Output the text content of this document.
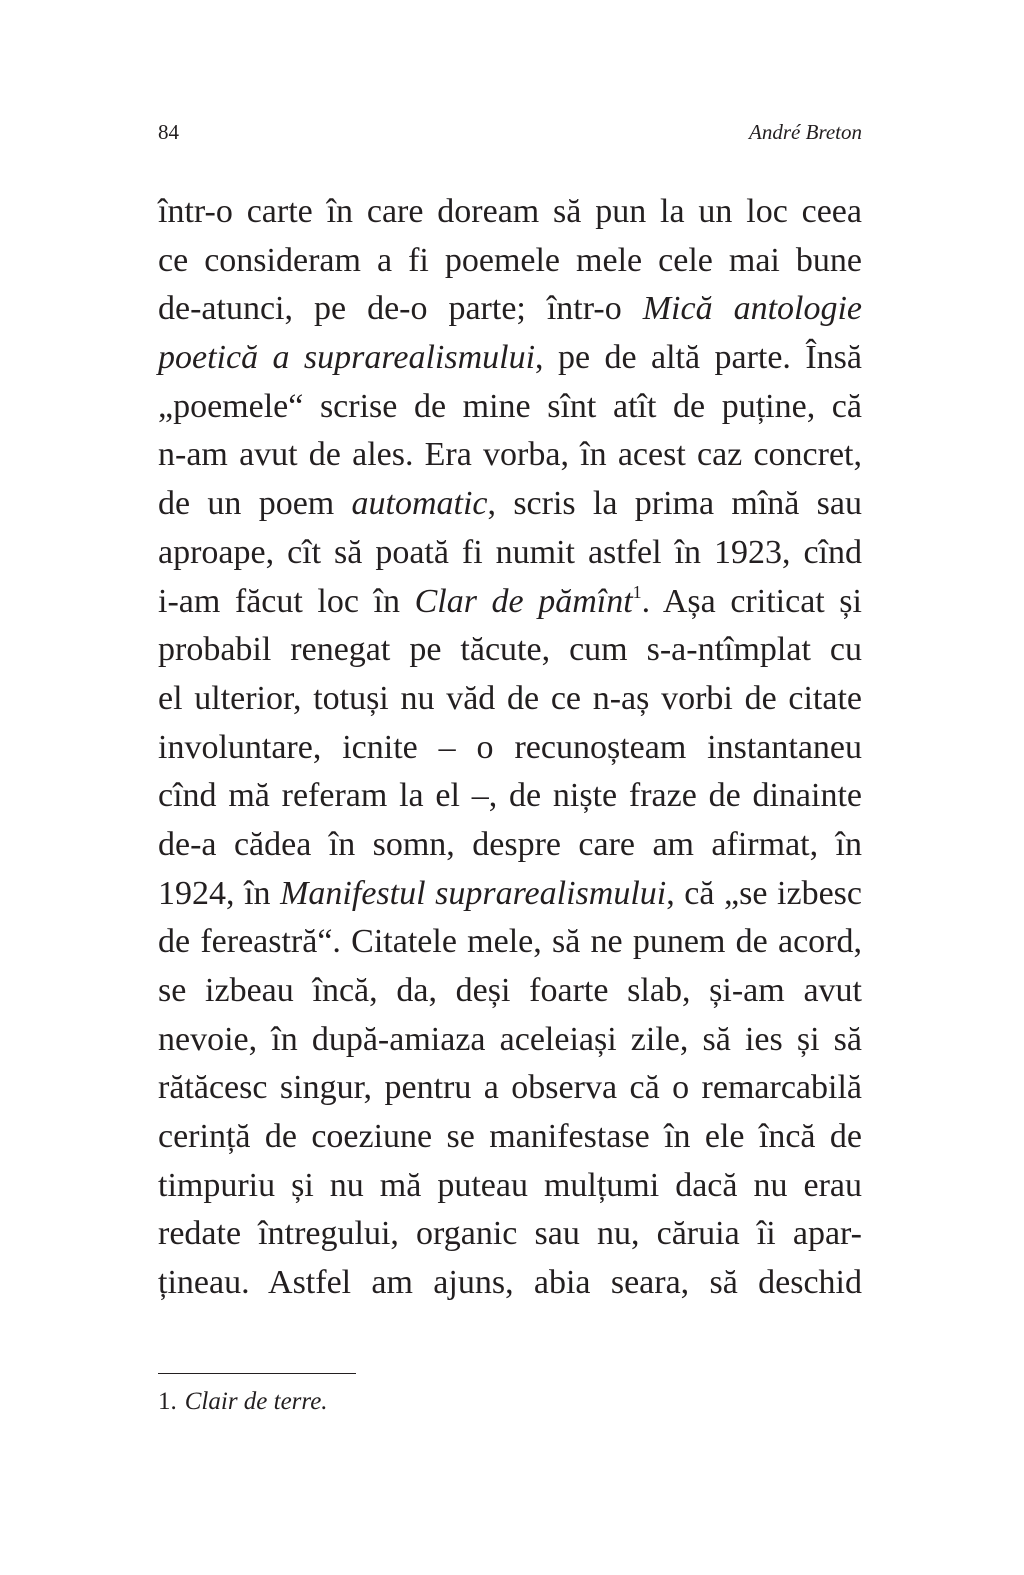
84	André Breton
într-o carte în care doream să pun la un loc ceea
ce consideram a fi poemele mele cele mai bune
de-atunci, pe de-o parte; într-o Mică antologie
poetică a suprarealismului, pe de altă parte. Însă
„poemele“ scrise de mine sînt atît de puține, că
n-am avut de ales. Era vorba, în acest caz concret,
de un poem automatic, scris la prima mînă sau
aproape, cît să poată fi numit astfel în 1923, cînd
i-am făcut loc în Clar de pămînt$^1$. Așa criticat și
probabil renegat pe tăcute, cum s-a-ntîmplat cu
el ulterior, totuși nu văd de ce n-aș vorbi de citate
involuntare, icnite – o recunoșteam instantaneu
cînd mă referam la el –, de niște fraze de dinainte
de-a cădea în somn, despre care am afirmat, în
1924, în Manifestul suprarealismului, că „se izbesc
de fereastră“. Citatele mele, să ne punem de acord,
se izbeau încă, da, deși foarte slab, și-am avut
nevoie, în după-amiaza aceleiași zile, să ies și să
rătăcesc singur, pentru a observa că o remarcabilă
cerință de coeziune se manifestase în ele încă de
timpuriu și nu mă puteau mulțumi dacă nu erau
redate întregului, organic sau nu, căruia îi apar-
țineau. Astfel am ajuns, abia seara, să deschid
1. Clair de terre.
